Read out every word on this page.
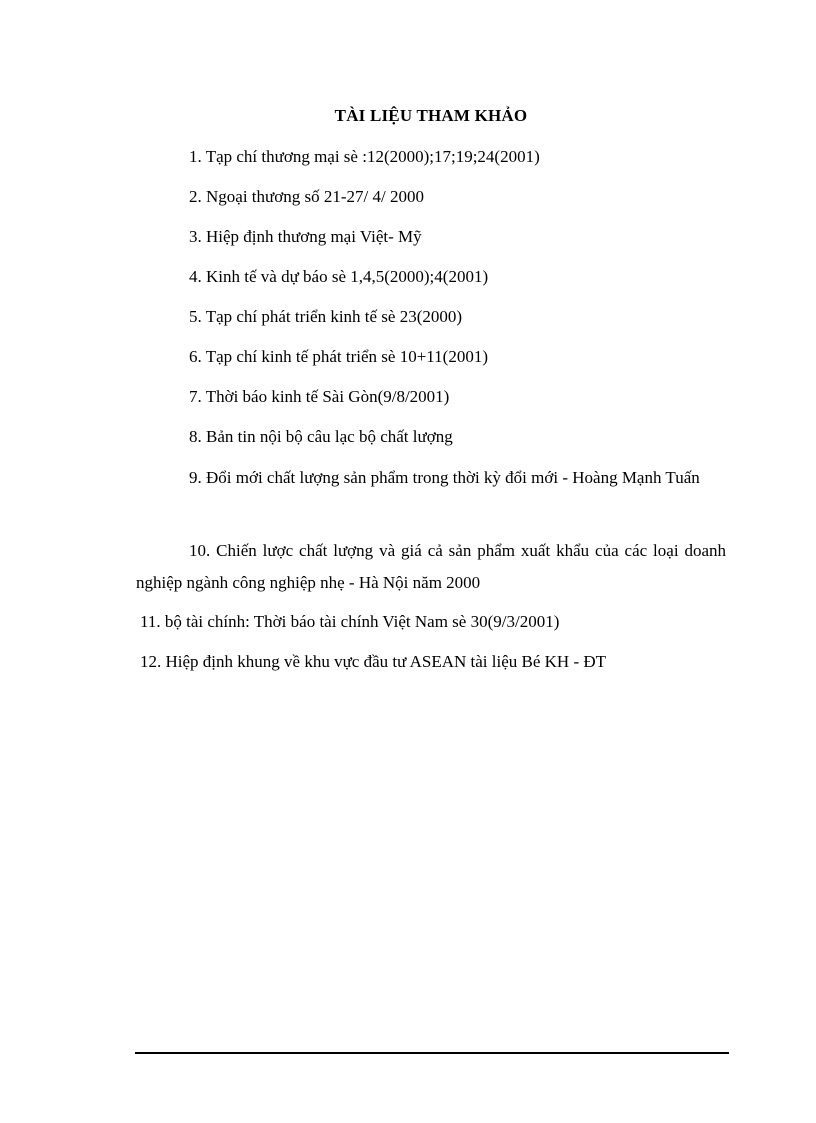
TÀI LIỆU THAM KHẢO
1. Tạp chí thương mại sè :12(2000);17;19;24(2001)
2. Ngoại thương số 21-27/ 4/ 2000
3. Hiệp định thương mại Việt- Mỹ
4. Kinh tế và dự báo sè 1,4,5(2000);4(2001)
5. Tạp chí phát triển kinh tế sè 23(2000)
6. Tạp chí kinh tế phát triển sè 10+11(2001)
7. Thời báo kinh tế Sài Gòn(9/8/2001)
8. Bản tin nội bộ câu lạc bộ chất lượng
9. Đổi mới chất lượng sản phẩm trong thời kỳ đổi mới - Hoàng Mạnh Tuấn
10. Chiến lược chất lượng và giá cả sản phẩm xuất khẩu của các loại doanh nghiệp ngành công nghiệp nhẹ - Hà Nội năm 2000
11. bộ tài chính: Thời báo tài chính Việt Nam sè 30(9/3/2001)
12. Hiệp định khung về khu vực đầu tư ASEAN tài liệu Bé KH - ĐT
